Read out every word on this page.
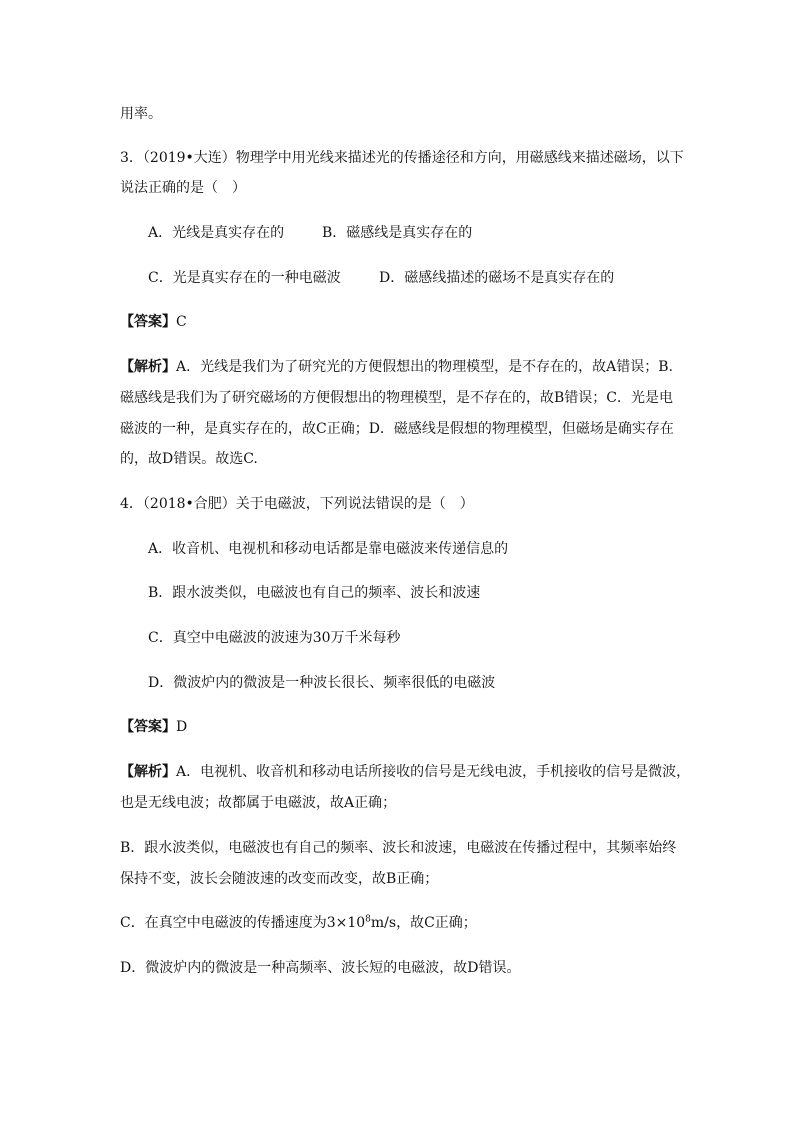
用率。
3．（2019•大连）物理学中用光线来描述光的传播途径和方向，用磁感线来描述磁场，以下
说法正确的是（　）
A．光线是真实存在的	B．磁感线是真实存在的
C．光是真实存在的一种电磁波	D．磁感线描述的磁场不是真实存在的
【答案】C
【解析】A．光线是我们为了研究光的方便假想出的物理模型，是不存在的，故A错误；B.
磁感线是我们为了研究磁场的方便假想出的物理模型，是不存在的，故B错误；C．光是电
磁波的一种，是真实存在的，故C正确；D．磁感线是假想的物理模型，但磁场是确实存在
的，故D错误。故选C.
4．（2018•合肥）关于电磁波，下列说法错误的是（　）
A．收音机、电视机和移动电话都是靠电磁波来传递信息的
B．跟水波类似，电磁波也有自己的频率、波长和波速
C．真空中电磁波的波速为30万千米每秒
D．微波炉内的微波是一种波长很长、频率很低的电磁波
【答案】D
【解析】A．电视机、收音机和移动电话所接收的信号是无线电波，手机接收的信号是微波，
也是无线电波；故都属于电磁波，故A正确；
B．跟水波类似，电磁波也有自己的频率、波长和波速，电磁波在传播过程中，其频率始终
保持不变，波长会随波速的改变而改变，故B正确；
C．在真空中电磁波的传播速度为$3\times 10^8m/s$，故C正确；
D．微波炉内的微波是一种高频率、波长短的电磁波，故D错误。
